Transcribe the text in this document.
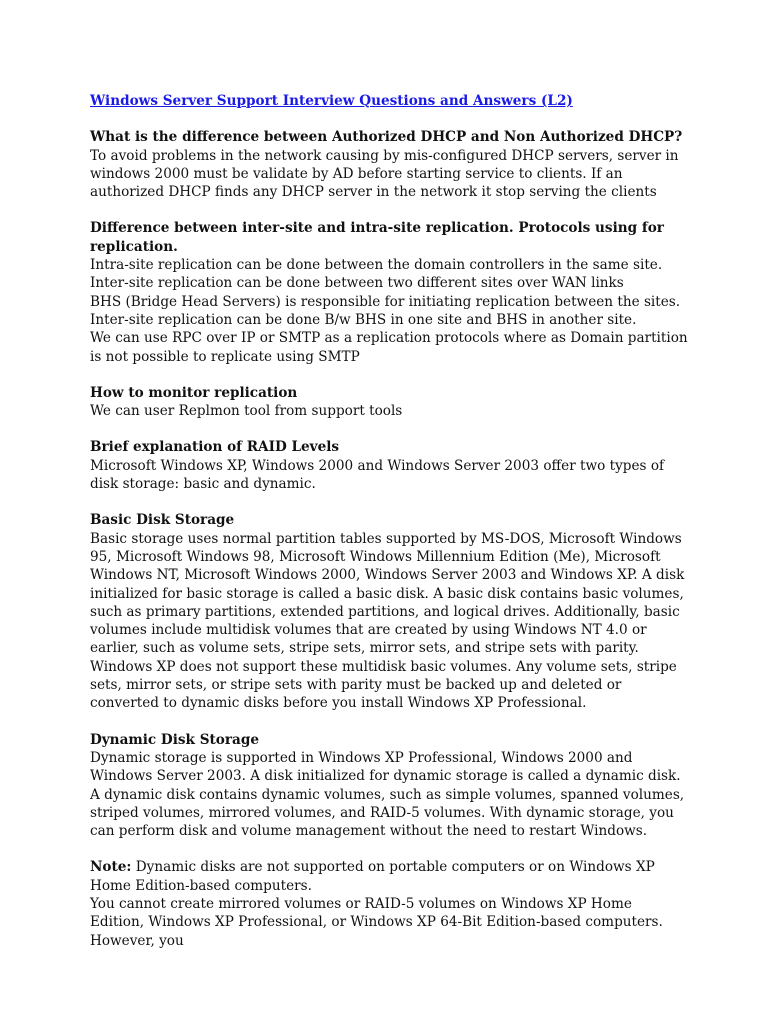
Windows Server Support Interview Questions and Answers (L2)

What is the difference between Authorized DHCP and Non Authorized DHCP?

To avoid problems in the network causing by mis-configured DHCP servers, server in windows 2000 must be validate by AD before starting service to clients. If an authorized DHCP finds any DHCP server in the network it stop serving the clients

Difference between inter-site and intra-site replication. Protocols using for replication.

Intra-site replication can be done between the domain controllers in the same site. Inter-site replication can be done between two different sites over WAN links

BHS (Bridge Head Servers) is responsible for initiating replication between the sites. Inter-site replication can be done B/w BHS in one site and BHS in another site.

We can use RPC over IP or SMTP as a replication protocols where as Domain partition is not possible to replicate using SMTP

How to monitor replication

We can user Replmon tool from support tools

Brief explanation of RAID Levels

Microsoft Windows XP, Windows 2000 and Windows Server 2003 offer two types of disk storage: basic and dynamic.

Basic Disk Storage

Basic storage uses normal partition tables supported by MS-DOS, Microsoft Windows 95, Microsoft Windows 98, Microsoft Windows Millennium Edition (Me), Microsoft Windows NT, Microsoft Windows 2000, Windows Server 2003 and Windows XP. A disk initialized for basic storage is called a basic disk. A basic disk contains basic volumes, such as primary partitions, extended partitions, and logical drives. Additionally, basic volumes include multidisk volumes that are created by using Windows NT 4.0 or earlier, such as volume sets, stripe sets, mirror sets, and stripe sets with parity. Windows XP does not support these multidisk basic volumes. Any volume sets, stripe sets, mirror sets, or stripe sets with parity must be backed up and deleted or converted to dynamic disks before you install Windows XP Professional.

Dynamic Disk Storage

Dynamic storage is supported in Windows XP Professional, Windows 2000 and Windows Server 2003. A disk initialized for dynamic storage is called a dynamic disk. A dynamic disk contains dynamic volumes, such as simple volumes, spanned volumes, striped volumes, mirrored volumes, and RAID-5 volumes. With dynamic storage, you can perform disk and volume management without the need to restart Windows.

Note: Dynamic disks are not supported on portable computers or on Windows XP Home Edition-based computers.

You cannot create mirrored volumes or RAID-5 volumes on Windows XP Home Edition, Windows XP Professional, or Windows XP 64-Bit Edition-based computers. However, you
